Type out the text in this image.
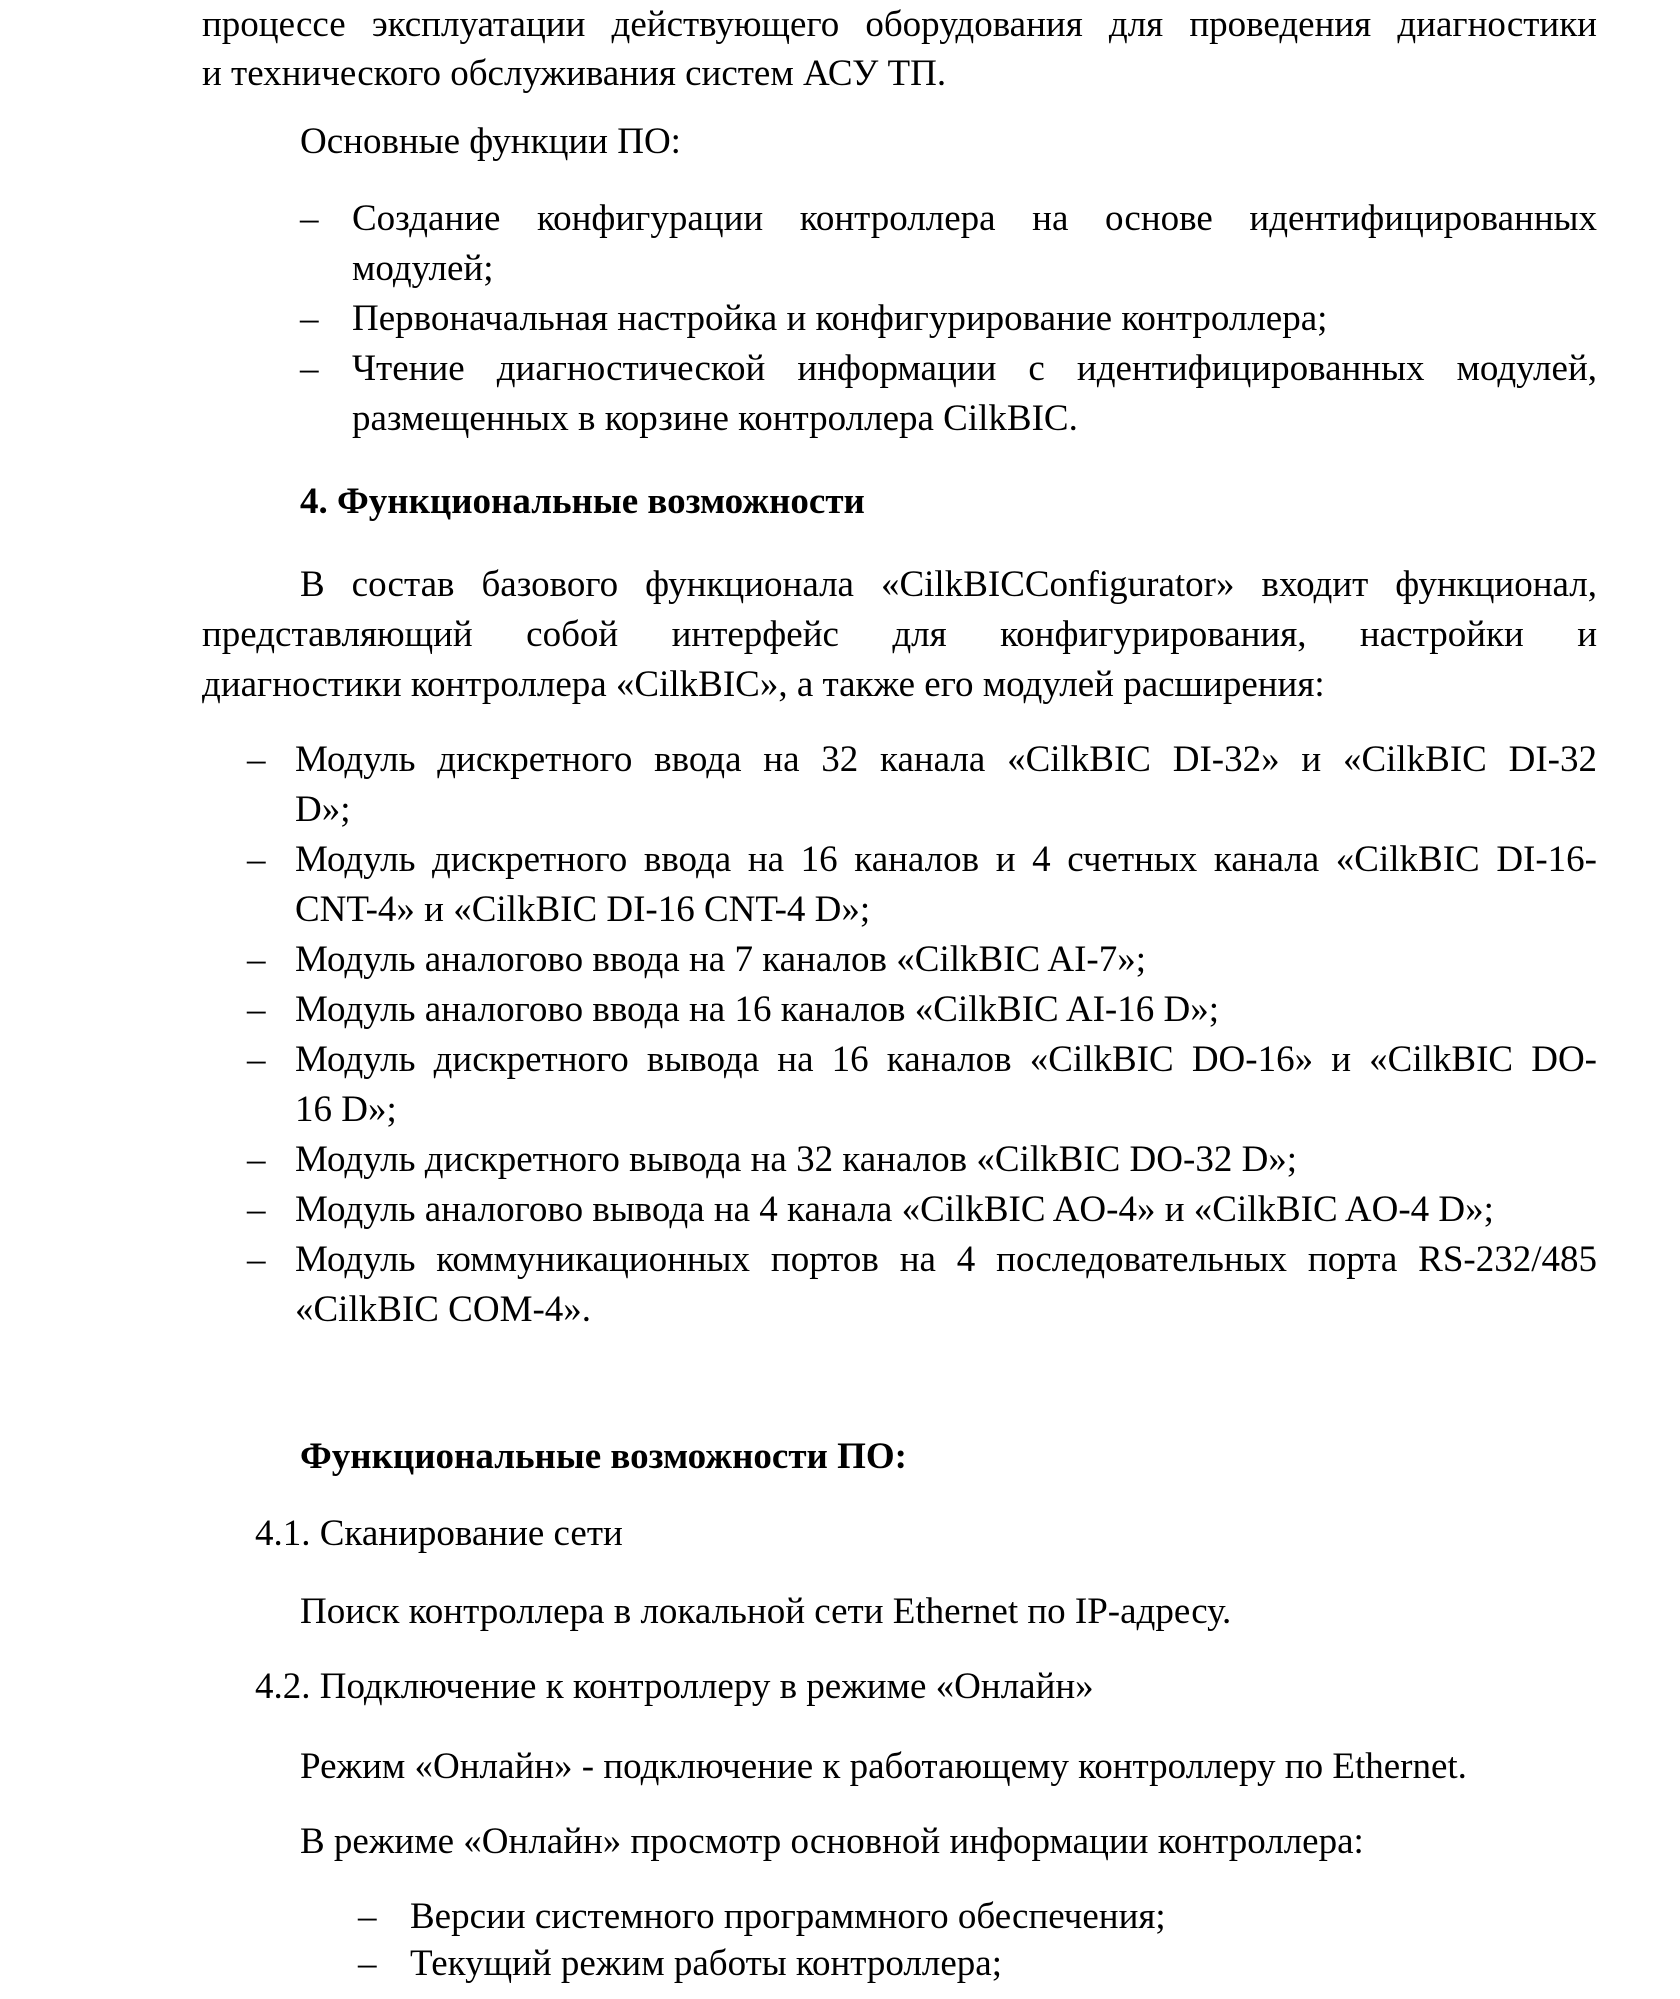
процессе эксплуатации действующего оборудования для проведения диагностики
и технического обслуживания систем АСУ ТП.
Основные функции ПО:
– Создание конфигурации контроллера на основе идентифицированных
модулей;
– Первоначальная настройка и конфигурирование контроллера;
– Чтение диагностической информации с идентифицированных модулей,
размещенных в корзине контроллера CilkBIC.
4. Функциональные возможности
В состав базового функционала «CilkBICConfigurator» входит функционал,
представляющий собой интерфейс для конфигурирования, настройки и
диагностики контроллера «CilkBIC», а также его модулей расширения:
– Модуль дискретного ввода на 32 канала «CilkBIC DI-32» и «CilkBIC DI-32
D»;
– Модуль дискретного ввода на 16 каналов и 4 счетных канала «CilkBIC DI-16-
CNT-4» и «CilkBIC DI-16 CNT-4 D»;
– Модуль аналогово ввода на 7 каналов «CilkBIC AI-7»;
– Модуль аналогово ввода на 16 каналов «CilkBIC AI-16 D»;
– Модуль дискретного вывода на 16 каналов «CilkBIC DO-16» и «CilkBIC DO-
16 D»;
– Модуль дискретного вывода на 32 каналов «CilkBIC DO-32 D»;
– Модуль аналогово вывода на 4 канала «CilkBIC AO-4» и «CilkBIC AO-4 D»;
– Модуль коммуникационных портов на 4 последовательных порта RS-232/485
«CilkBIC COM-4».
Функциональные возможности ПО:
4.1. Сканирование сети
Поиск контроллера в локальной сети Ethernet по IP-адресу.
4.2. Подключение к контроллеру в режиме «Онлайн»
Режим «Онлайн» - подключение к работающему контроллеру по Ethernet.
В режиме «Онлайн» просмотр основной информации контроллера:
– Версии системного программного обеспечения;
– Текущий режим работы контроллера;
